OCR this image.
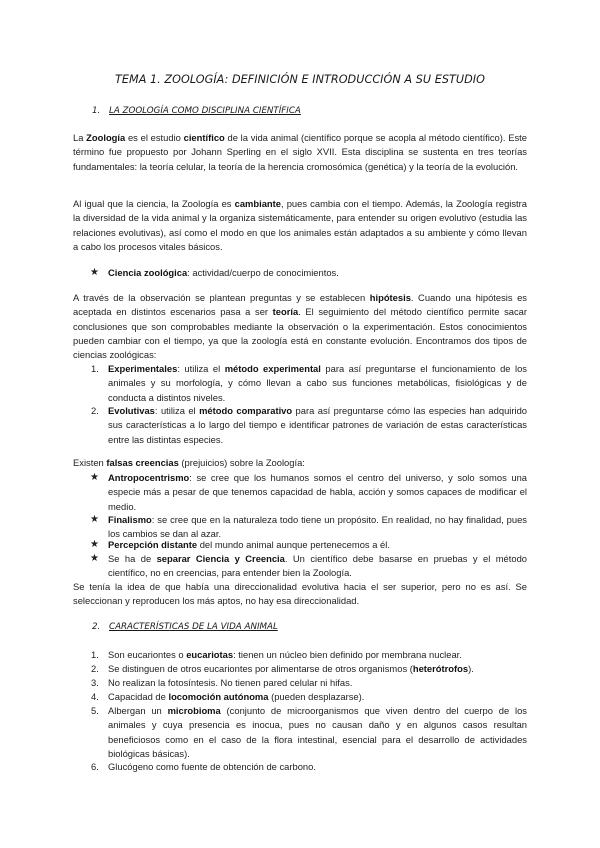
TEMA 1. ZOOLOGÍA: DEFINICIÓN E INTRODUCCIÓN A SU ESTUDIO
1. LA ZOOLOGÍA COMO DISCIPLINA CIENTÍFICA

La Zoología es el estudio científico de la vida animal (científico porque se acopla al método científico). Este término fue propuesto por Johann Sperling en el siglo XVII. Esta disciplina se sustenta en tres teorías fundamentales: la teoría celular, la teoría de la herencia cromosómica (genética) y la teoría de la evolución.

Al igual que la ciencia, la Zoología es cambiante, pues cambia con el tiempo. Además, la Zoología registra la diversidad de la vida animal y la organiza sistemáticamente, para entender su origen evolutivo (estudia las relaciones evolutivas), así como el modo en que los animales están adaptados a su ambiente y cómo llevan a cabo los procesos vitales básicos.

★ Ciencia zoológica: actividad/cuerpo de conocimientos.

A través de la observación se plantean preguntas y se establecen hipótesis. Cuando una hipótesis es aceptada en distintos escenarios pasa a ser teoría. El seguimiento del método científico permite sacar conclusiones que son comprobables mediante la observación o la experimentación. Estos conocimientos pueden cambiar con el tiempo, ya que la zoología está en constante evolución. Encontramos dos tipos de ciencias zoológicas:

1. Experimentales: utiliza el método experimental para así preguntarse el funcionamiento de los animales y su morfología, y cómo llevan a cabo sus funciones metabólicas, fisiológicas y de conducta a distintos niveles.
2. Evolutivas: utiliza el método comparativo para así preguntarse cómo las especies han adquirido sus características a lo largo del tiempo e identificar patrones de variación de estas características entre las distintas especies.

Existen falsas creencias (prejuicios) sobre la Zoología:

★ Antropocentrismo: se cree que los humanos somos el centro del universo, y solo somos una especie más a pesar de que tenemos capacidad de habla, acción y somos capaces de modificar el medio.
★ Finalismo: se cree que en la naturaleza todo tiene un propósito. En realidad, no hay finalidad, pues los cambios se dan al azar.
★ Percepción distante del mundo animal aunque pertenecemos a él.
★ Se ha de separar Ciencia y Creencia. Un científico debe basarse en pruebas y el método científico, no en creencias, para entender bien la Zoología.

Se tenía la idea de que había una direccionalidad evolutiva hacia el ser superior, pero no es así. Se seleccionan y reproducen los más aptos, no hay esa direccionalidad.

2. CARACTERÍSTICAS DE LA VIDA ANIMAL
1. Son eucariontes o eucariotas: tienen un núcleo bien definido por membrana nuclear.
2. Se distinguen de otros eucariontes por alimentarse de otros organismos (heterótrofos).
3. No realizan la fotosíntesis. No tienen pared celular ni hifas.
4. Capacidad de locomoción autónoma (pueden desplazarse).
5. Albergan un microbioma (conjunto de microorganismos que viven dentro del cuerpo de los animales y cuya presencia es inocua, pues no causan daño y en algunos casos resultan beneficiosos como en el caso de la flora intestinal, esencial para el desarrollo de actividades biológicas básicas).
6. Glucógeno como fuente de obtención de carbono.
